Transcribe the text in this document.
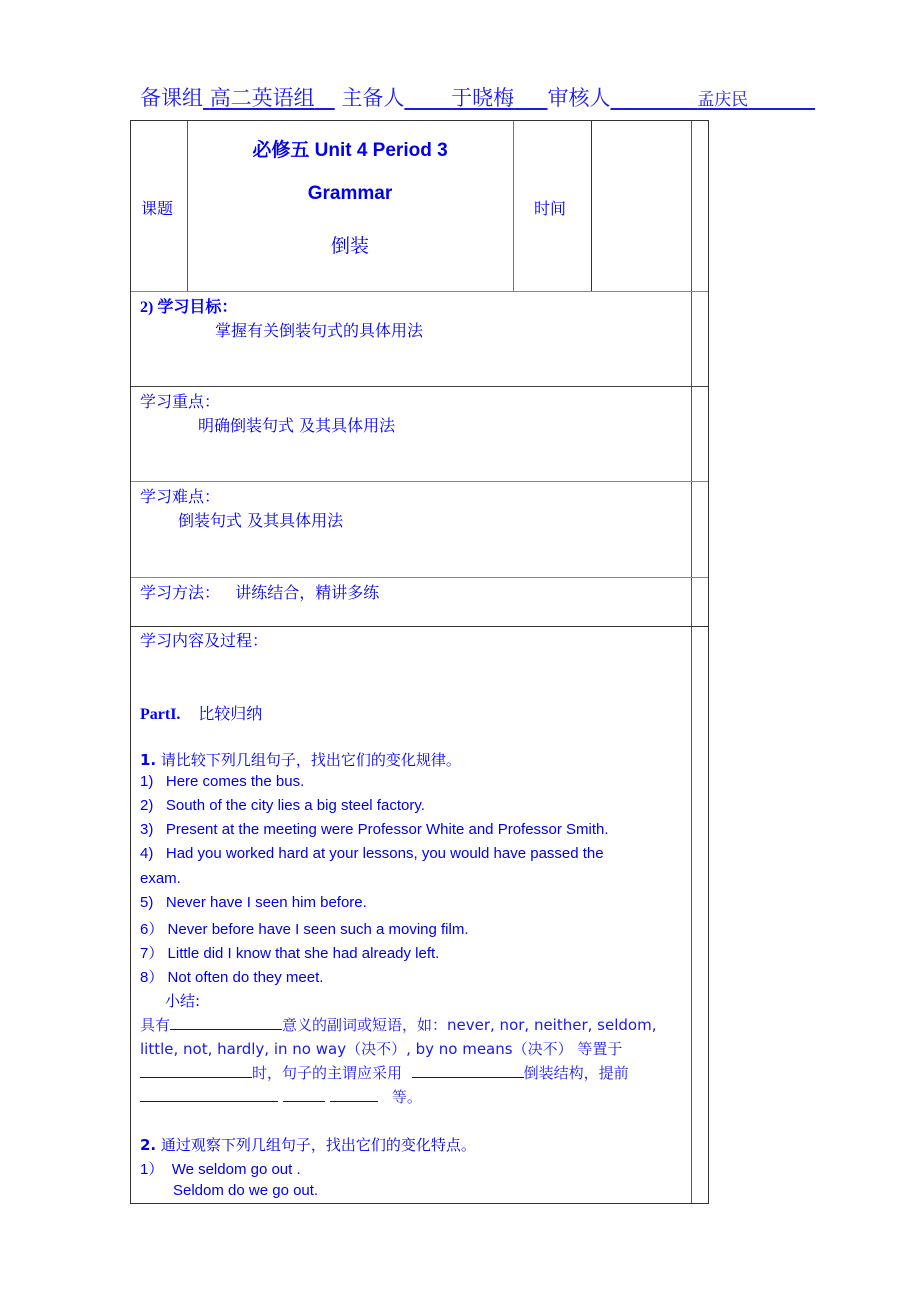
备课组 高二英语组 主备人 于晓梅 审核人	孟庆民
课题
必修五 Unit 4 Period 3
Grammar
倒装
时间
2) 学习目标：
掌握有关倒装句式的具体用法
学习重点：
明确倒装句式 及其具体用法
学习难点：
倒装句式 及其具体用法
学习方法： 讲练结合，精讲多练
学习内容及过程：
PartI. 比较归纳
1. 请比较下列几组句子，找出它们的变化规律。
1) Here comes the bus.
2) South of the city lies a big steel factory.
3) Present at the meeting were Professor White and Professor Smith.
4) Had you worked hard at your lessons, you would have passed the
exam.
5) Never have I seen him before.
6） Never before have I seen such a moving film.
7） Little did I know that she had already left.
8） Not often do they meet.
小结:
具有	意义的副词或短语，如：never, nor, neither, seldom,
little, not, hardly, in no way（决不）, by no means（决不） 等置于
时，句子的主谓应采用	倒装结构，提前
等。
2. 通过观察下列几组句子，找出它们的变化特点。
1） We seldom go out .
Seldom do we go out.
